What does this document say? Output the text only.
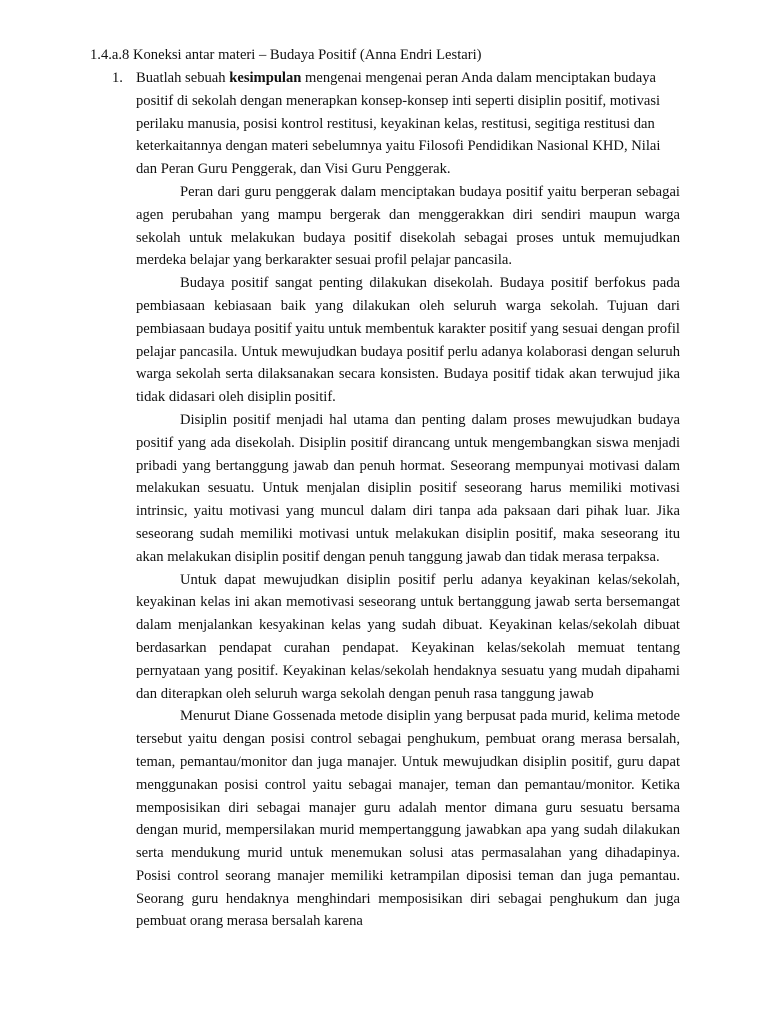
1.4.a.8 Koneksi antar materi – Budaya Positif (Anna Endri Lestari)
1. Buatlah sebuah kesimpulan mengenai mengenai peran Anda dalam menciptakan budaya positif di sekolah dengan menerapkan konsep-konsep inti seperti disiplin positif, motivasi perilaku manusia, posisi kontrol restitusi, keyakinan kelas, restitusi, segitiga restitusi dan keterkaitannya dengan materi sebelumnya yaitu Filosofi Pendidikan Nasional KHD, Nilai dan Peran Guru Penggerak, dan Visi Guru Penggerak.

Peran dari guru penggerak dalam menciptakan budaya positif yaitu berperan sebagai agen perubahan yang mampu bergerak dan menggerakkan diri sendiri maupun warga sekolah untuk melakukan budaya positif disekolah sebagai proses untuk memujudkan merdeka belajar yang berkarakter sesuai profil pelajar pancasila.

Budaya positif sangat penting dilakukan disekolah. Budaya positif berfokus pada pembiasaan kebiasaan baik yang dilakukan oleh seluruh warga sekolah. Tujuan dari pembiasaan budaya positif yaitu untuk membentuk karakter positif yang sesuai dengan profil pelajar pancasila. Untuk mewujudkan budaya positif perlu adanya kolaborasi dengan seluruh warga sekolah serta dilaksanakan secara konsisten. Budaya positif tidak akan terwujud jika tidak didasari oleh disiplin positif.

Disiplin positif menjadi hal utama dan penting dalam proses mewujudkan budaya positif yang ada disekolah. Disiplin positif dirancang untuk mengembangkan siswa menjadi pribadi yang bertanggung jawab dan penuh hormat. Seseorang mempunyai motivasi dalam melakukan sesuatu. Untuk menjalan disiplin positif seseorang harus memiliki motivasi intrinsic, yaitu motivasi yang muncul dalam diri tanpa ada paksaan dari pihak luar. Jika seseorang sudah memiliki motivasi untuk melakukan disiplin positif, maka seseorang itu akan melakukan disiplin positif dengan penuh tanggung jawab dan tidak merasa terpaksa.

Untuk dapat mewujudkan disiplin positif perlu adanya keyakinan kelas/sekolah, keyakinan kelas ini akan memotivasi seseorang untuk bertanggung jawab serta bersemangat dalam menjalankan kesyakinan kelas yang sudah dibuat. Keyakinan kelas/sekolah dibuat berdasarkan pendapat curahan pendapat. Keyakinan kelas/sekolah memuat tentang pernyataan yang positif. Keyakinan kelas/sekolah hendaknya sesuatu yang mudah dipahami dan diterapkan oleh seluruh warga sekolah dengan penuh rasa tanggung jawab

Menurut Diane Gossenada metode disiplin yang berpusat pada murid, kelima metode tersebut yaitu dengan posisi control sebagai penghukum, pembuat orang merasa bersalah, teman, pemantau/monitor dan juga manajer. Untuk mewujudkan disiplin positif, guru dapat menggunakan posisi control yaitu sebagai manajer, teman dan pemantau/monitor. Ketika memposisikan diri sebagai manajer guru adalah mentor dimana guru sesuatu bersama dengan murid, mempersilakan murid mempertanggung jawabkan apa yang sudah dilakukan serta mendukung murid untuk menemukan solusi atas permasalahan yang dihadapinya. Posisi control seorang manajer memiliki ketrampilan diposisi teman dan juga pemantau. Seorang guru hendaknya menghindari memposisikan diri sebagai penghukum dan juga pembuat orang merasa bersalah karena
